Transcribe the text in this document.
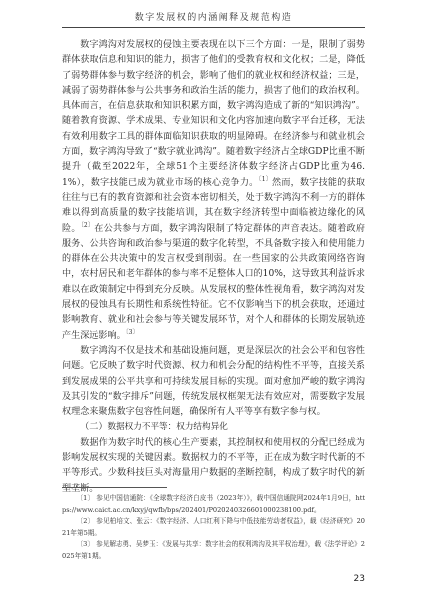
数字发展权的内涵阐释及规范构造

数字鸿沟对发展权的侵蚀主要表现在以下三个方面：一是，限制了弱势群体获取信息和知识的能力，损害了他们的受教育权和文化权；二是，降低了弱势群体参与数字经济的机会，影响了他们的就业权和经济权益；三是，减弱了弱势群体参与公共事务和政治生活的能力，损害了他们的政治权利。具体而言，在信息获取和知识积累方面，数字鸿沟造成了新的“知识鸿沟”。随着教育资源、学术成果、专业知识和文化内容加速向数字平台迁移，无法有效利用数字工具的群体面临知识获取的明显障碍。在经济参与和就业机会方面，数字鸿沟导致了“数字就业鸿沟”。随着数字经济占全球GDP比重不断提升（截至2022年，全球51个主要经济体数字经济占GDP比重为46.1%），数字技能已成为就业市场的核心竞争力。$^{〔1〕}$然而，数字技能的获取往往与已有的教育资源和社会资本密切相关，处于数字鸿沟不利一方的群体难以得到高质量的数字技能培训，其在数字经济转型中面临被边缘化的风险。$^{〔2〕}$在公共参与方面，数字鸿沟限制了特定群体的声音表达。随着政府服务、公共咨询和政治参与渠道的数字化转型，不具备数字接入和使用能力的群体在公共决策中的发言权受到削弱。在一些国家的公共政策网络咨询中，农村居民和老年群体的参与率不足整体人口的10%，这导致其利益诉求难以在政策制定中得到充分反映。从发展权的整体性视角看，数字鸿沟对发展权的侵蚀具有长期性和系统性特征。它不仅影响当下的机会获取，还通过影响教育、就业和社会参与等关键发展环节，对个人和群体的长期发展轨迹产生深远影响。$^{〔3〕}$

数字鸿沟不仅是技术和基础设施问题，更是深层次的社会公平和包容性问题。它反映了数字时代资源、权力和机会分配的结构性不平等，直接关系到发展成果的公平共享和可持续发展目标的实现。面对愈加严峻的数字鸿沟及其引发的“数字排斥”问题，传统发展权框架无法有效应对，需要数字发展权理念来聚焦数字包容性问题，确保所有人平等享有数字参与权。

（二）数据权力不平等：权力结构异化

数据作为数字时代的核心生产要素，其控制权和使用权的分配已经成为影响发展权实现的关键因素。数据权力的不平等，正在成为数字时代新的不平等形式。少数科技巨头对海量用户数据的垄断控制，构成了数字时代的新型垄断。

〔1〕 参见中国信通院：《全球数字经济白皮书（2023年）》，载中国信通院网2024年1月9日，https://www.caict.ac.cn/kxyj/qwfb/bps/202401/P020240326601000238100.pdf。

〔2〕 参见柏培文、张云：《数字经济、人口红利下降与中低技能劳动者权益》，载《经济研究》2021年第5期。

〔3〕 参见解志勇、吴梦玉：《发展与共享：数字社会的权利鸿沟及其平权治理》，载《法学评论》2025年第1期。

23
